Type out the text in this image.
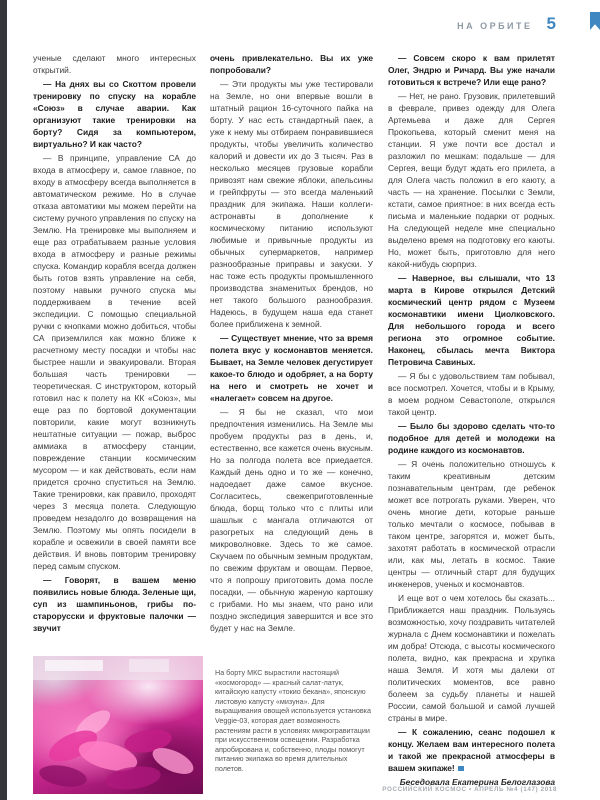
НА ОРБИТЕ 5

ученые сделают много интересных открытий.

— На днях вы со Скоттом провели тренировку по спуску на корабле «Союз» в случае аварии. Как организуют такие тренировки на борту? Сидя за компьютером, виртуально? И как часто?

— В принципе, управление СА до входа в атмосферу и, самое главное, по входу в атмосферу всегда выполняется в автоматическом режиме. Но в случае отказа автоматики мы можем перейти на систему ручного управления по спуску на Землю. На тренировке мы выполняем и еще раз отрабатываем разные условия входа в атмосферу и разные режимы спуска. Командир корабля всегда должен быть готов взять управление на себя, поэтому навыки ручного спуска мы поддерживаем в течение всей экспедиции. С помощью специальной ручки с кнопками можно добиться, чтобы СА приземлился как можно ближе к расчетному месту посадки и чтобы нас быстрее нашли и эвакуировали. Вторая большая часть тренировки — теоретическая. С инструктором, который готовил нас к полету на КК «Союз», мы еще раз по бортовой документации повторили, какие могут возникнуть нештатные ситуации — пожар, выброс аммиака в атмосферу станции, повреждение станции космическим мусором — и как действовать, если нам придется срочно спуститься на Землю. Такие тренировки, как правило, проходят через 3 месяца полета. Следующую проведем незадолго до возвращения на Землю. Поэтому мы опять посидели в корабле и освежили в своей памяти все действия. И вновь повторим тренировку перед самым спуском.

— Говорят, в вашем меню появились новые блюда. Зеленые щи, суп из шампиньонов, грибы по-старорусски и фруктовые палочки — звучит

очень привлекательно. Вы их уже попробовали?

— Эти продукты мы уже тестировали на Земле, но они впервые вошли в штатный рацион 16-суточного пайка на борту. У нас есть стандартный паек, а уже к нему мы отбираем понравившиеся продукты, чтобы увеличить количество калорий и довести их до 3 тысяч. Раз в несколько месяцев грузовые корабли привозят нам свежие яблоки, апельсины и грейпфруты — это всегда маленький праздник для экипажа. Наши коллеги-астронавты в дополнение к космическому питанию используют любимые и привычные продукты из обычных супермаркетов, например разнообразные приправы и закуски. У нас тоже есть продукты промышленного производства знаменитых брендов, но нет такого большого разнообразия. Надеюсь, в будущем наша еда станет более приближена к земной.

— Существует мнение, что за время полета вкус у космонавтов меняется. Бывает, на Земле человек дегустирует какое-то блюдо и одобряет, а на борту на него и смотреть не хочет и «налегает» совсем на другое.

— Я бы не сказал, что мои предпочтения изменились. На Земле мы пробуем продукты раз в день, и, естественно, все кажется очень вкусным. Но за полгода полета все приедается. Каждый день одно и то же — конечно, надоедает даже самое вкусное. Согласитесь, свежеприготовленные блюда, борщ только что с плиты или шашлык с мангала отличаются от разогретых на следующий день в микроволновке. Здесь то же самое. Скучаем по обычным земным продуктам, по свежим фруктам и овощам. Первое, что я попрошу приготовить дома после посадки, — обычную жареную картошку с грибами. Но мы знаем, что рано или поздно экспедиция завершится и все это будет у нас на Земле.

— Совсем скоро к вам прилетят Олег, Эндрю и Ричард. Вы уже начали готовиться к встрече? Или еще рано?

— Нет, не рано. Грузовик, прилетевший в феврале, привез одежду для Олега Артемьева и даже для Сергея Прокопьева, который сменит меня на станции. Я уже почти все достал и разложил по мешкам: подальше — для Сергея, вещи будут ждать его прилета, а для Олега часть положил в его каюту, а часть — на хранение. Посылки с Земли, кстати, самое приятное: в них всегда есть письма и маленькие подарки от родных. На следующей неделе мне специально выделено время на подготовку его каюты. Но, может быть, приготовлю для него какой-нибудь сюрприз.

— Наверное, вы слышали, что 13 марта в Кирове открылся Детский космический центр рядом с Музеем космонавтики имени Циолковского. Для небольшого города и всего региона это огромное событие. Наконец, сбылась мечта Виктора Петровича Савиных.

— Я бы с удовольствием там побывал, все посмотрел. Хочется, чтобы и в Крыму, в моем родном Севастополе, открылся такой центр.

— Было бы здорово сделать что-то подобное для детей и молодежи на родине каждого из космонавтов.

— Я очень положительно отношусь к таким креативным детским познавательным центрам, где ребенок может все потрогать руками. Уверен, что очень многие дети, которые раньше только мечтали о космосе, побывав в таком центре, загорятся и, может быть, захотят работать в космической отрасли или, как мы, летать в космос. Такие центры — отличный старт для будущих инженеров, ученых и космонавтов.

И еще вот о чем хотелось бы сказать... Приближается наш праздник. Пользуясь возможностью, хочу поздравить читателей журнала с Днем космонавтики и пожелать им добра! Отсюда, с высоты космического полета, видно, как прекрасна и хрупка наша Земля. И хотя мы далеки от политических моментов, все равно болеем за судьбу планеты и нашей России, самой большой и самой лучшей страны в мире.

— К сожалению, сеанс подошел к концу. Желаем вам интересного полета и такой же прекрасной атмосферы в вашем экипаже!

Беседовала Екатерина Белоглазова

На борту МКС вырастили настоящий «космогород» — красный салат-латук, китайскую капусту «токио бекана», японскую листовую капусту «мизуна». Для выращивания овощей используется установка Veggie-03, которая дает возможность растениям расти в условиях микрогравитации при искусственном освещении. Разработка апробирована и, собственно, плоды помогут питанию экипажа во время длительных полетов.
РОССИЙСКИЙ КОСМОС • АПРЕЛЬ №4 (147) 2018
